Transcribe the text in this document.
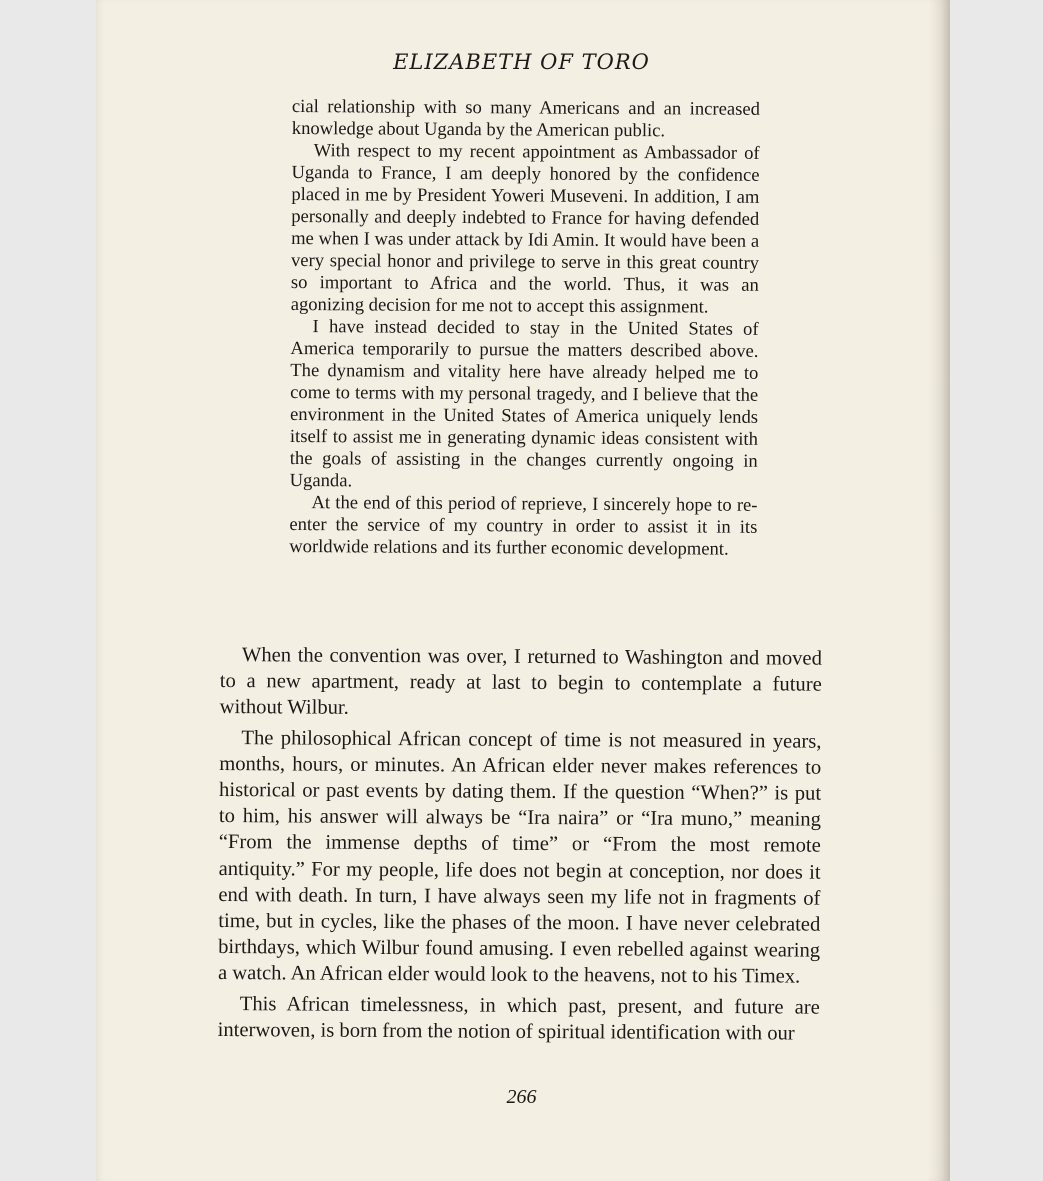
ELIZABETH OF TORO

cial relationship with so many Americans and an increased knowledge about Uganda by the American public.

With respect to my recent appointment as Ambassador of Uganda to France, I am deeply honored by the confidence placed in me by President Yoweri Museveni. In addition, I am personally and deeply indebted to France for having defended me when I was under attack by Idi Amin. It would have been a very special honor and privilege to serve in this great country so important to Africa and the world. Thus, it was an agonizing decision for me not to accept this assignment.

I have instead decided to stay in the United States of America temporarily to pursue the matters described above. The dynamism and vitality here have already helped me to come to terms with my personal tragedy, and I believe that the environment in the United States of America uniquely lends itself to assist me in generating dynamic ideas consistent with the goals of assisting in the changes currently ongoing in Uganda.

At the end of this period of reprieve, I sincerely hope to re-enter the service of my country in order to assist it in its worldwide relations and its further economic development.

When the convention was over, I returned to Washington and moved to a new apartment, ready at last to begin to contemplate a future without Wilbur.

The philosophical African concept of time is not measured in years, months, hours, or minutes. An African elder never makes references to historical or past events by dating them. If the question “When?” is put to him, his answer will always be “Ira naira” or “Ira muno,” meaning “From the immense depths of time” or “From the most remote antiquity.” For my people, life does not begin at conception, nor does it end with death. In turn, I have always seen my life not in fragments of time, but in cycles, like the phases of the moon. I have never celebrated birthdays, which Wilbur found amusing. I even rebelled against wearing a watch. An African elder would look to the heavens, not to his Timex.

This African timelessness, in which past, present, and future are interwoven, is born from the notion of spiritual identification with our

266
